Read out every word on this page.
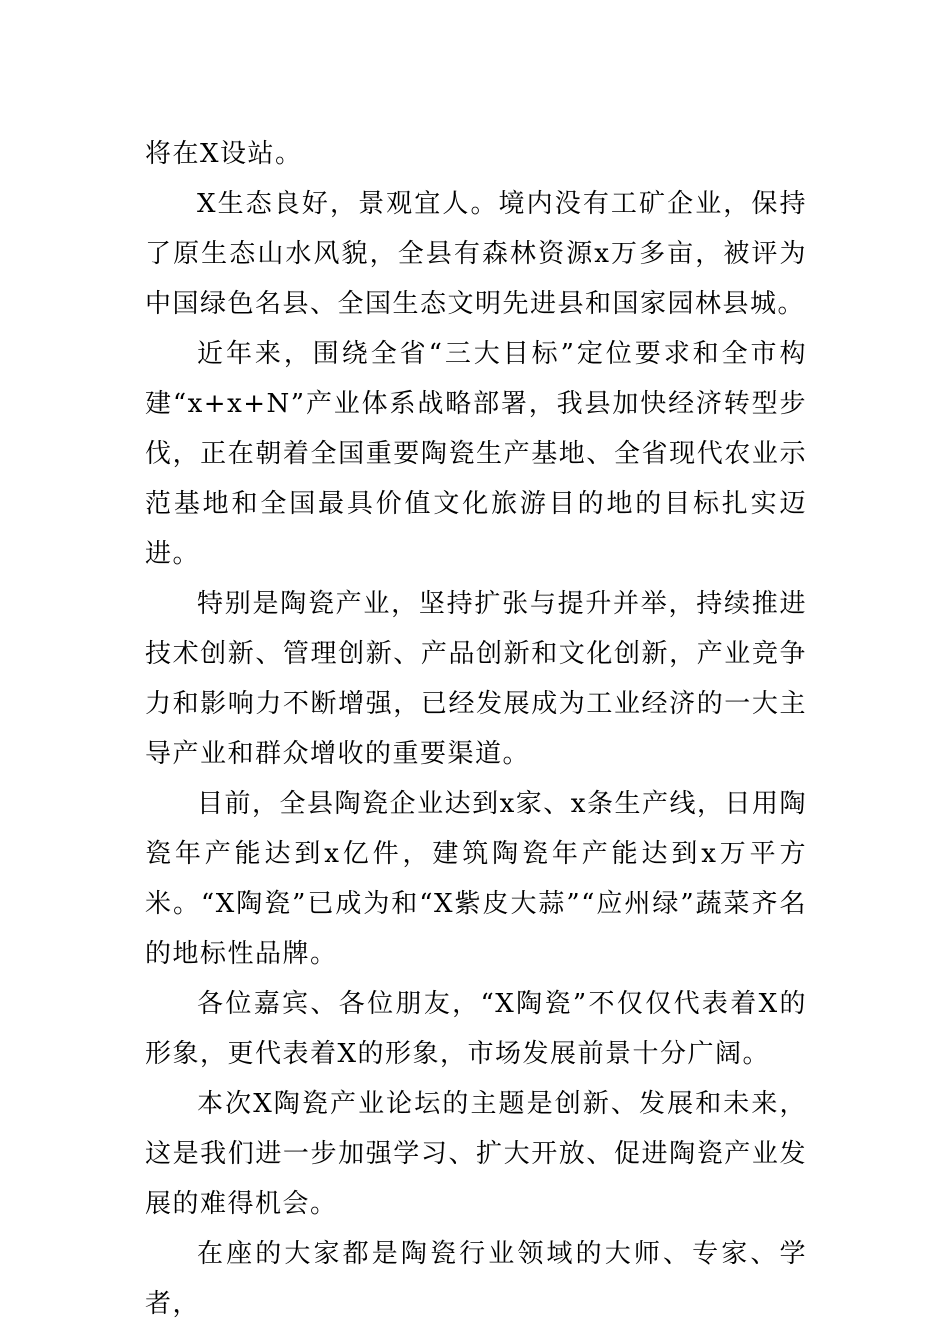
将在X设站。

X生态良好，景观宜人。境内没有工矿企业，保持了原生态山水风貌，全县有森林资源x万多亩，被评为中国绿色名县、全国生态文明先进县和国家园林县城。

近年来，围绕全省“三大目标”定位要求和全市构建“x+x+N”产业体系战略部署，我县加快经济转型步伐，正在朝着全国重要陶瓷生产基地、全省现代农业示范基地和全国最具价值文化旅游目的地的目标扎实迈进。

特别是陶瓷产业，坚持扩张与提升并举，持续推进技术创新、管理创新、产品创新和文化创新，产业竞争力和影响力不断增强，已经发展成为工业经济的一大主导产业和群众增收的重要渠道。

目前，全县陶瓷企业达到x家、x条生产线，日用陶瓷年产能达到x亿件，建筑陶瓷年产能达到x万平方米。“X陶瓷”已成为和“X紫皮大蒜”“应州绿”蔬菜齐名的地标性品牌。

各位嘉宾、各位朋友，“X陶瓷”不仅仅代表着X的形象，更代表着X的形象，市场发展前景十分广阔。

本次X陶瓷产业论坛的主题是创新、发展和未来，这是我们进一步加强学习、扩大开放、促进陶瓷产业发展的难得机会。

在座的大家都是陶瓷行业领域的大师、专家、学者，
